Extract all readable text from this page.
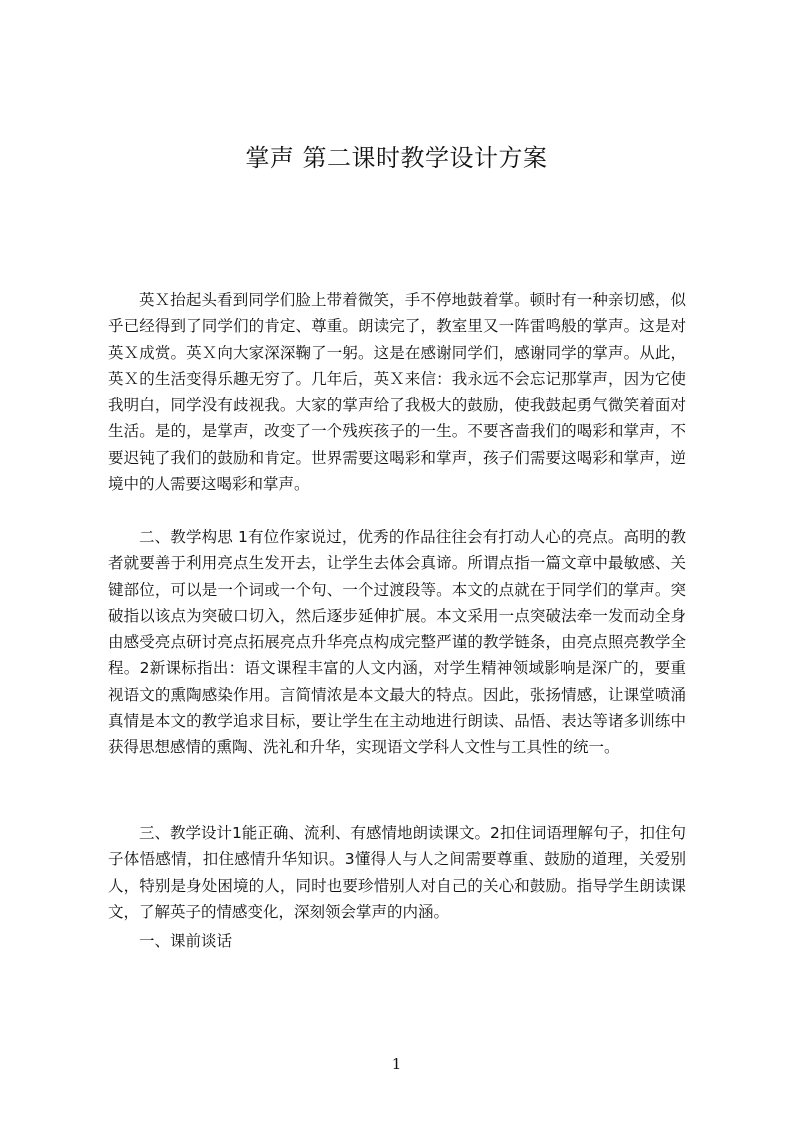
掌声 第二课时教学设计方案

英Ｘ抬起头看到同学们脸上带着微笑，手不停地鼓着掌。顿时有一种亲切感，似乎已经得到了同学们的肯定、尊重。朗读完了，教室里又一阵雷鸣般的掌声。这是对英Ｘ成赏。英Ｘ向大家深深鞠了一躬。这是在感谢同学们，感谢同学的掌声。从此，英Ｘ的生活变得乐趣无穷了。几年后，英Ｘ来信：我永远不会忘记那掌声，因为它使我明白，同学没有歧视我。大家的掌声给了我极大的鼓励，使我鼓起勇气微笑着面对生活。是的，是掌声，改变了一个残疾孩子的一生。不要吝啬我们的喝彩和掌声，不要迟钝了我们的鼓励和肯定。世界需要这喝彩和掌声，孩子们需要这喝彩和掌声，逆境中的人需要这喝彩和掌声。

二、教学构思 1有位作家说过，优秀的作品往往会有打动人心的亮点。高明的教者就要善于利用亮点生发开去，让学生去体会真谛。所谓点指一篇文章中最敏感、关键部位，可以是一个词或一个句、一个过渡段等。本文的点就在于同学们的掌声。突破指以该点为突破口切入，然后逐步延伸扩展。本文采用一点突破法牵一发而动全身由感受亮点研讨亮点拓展亮点升华亮点构成完整严谨的教学链条，由亮点照亮教学全程。2新课标指出：语文课程丰富的人文内涵，对学生精神领域影响是深广的，要重视语文的熏陶感染作用。言简情浓是本文最大的特点。因此，张扬情感，让课堂喷涌真情是本文的教学追求目标，要让学生在主动地进行朗读、品悟、表达等诸多训练中获得思想感情的熏陶、洗礼和升华，实现语文学科人文性与工具性的统一。

三、教学设计1能正确、流利、有感情地朗读课文。2扣住词语理解句子，扣住句子体悟感情，扣住感情升华知识。3懂得人与人之间需要尊重、鼓励的道理，关爱别人，特别是身处困境的人，同时也要珍惜别人对自己的关心和鼓励。指导学生朗读课文，了解英子的情感变化，深刻领会掌声的内涵。

一、课前谈话
1
